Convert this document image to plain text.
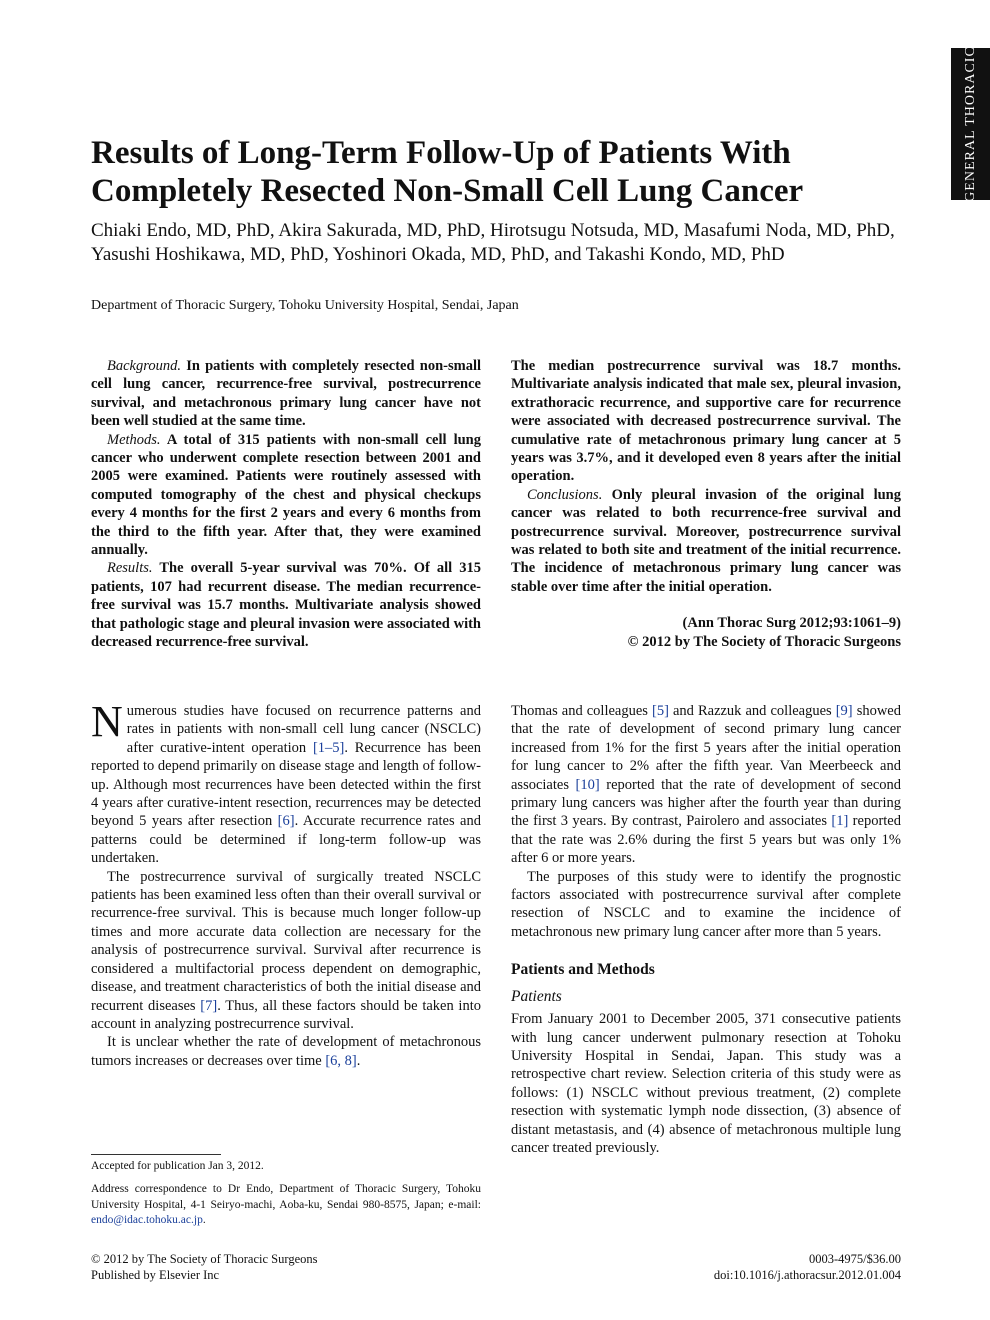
GENERAL THORACIC
Results of Long-Term Follow-Up of Patients With Completely Resected Non-Small Cell Lung Cancer
Chiaki Endo, MD, PhD, Akira Sakurada, MD, PhD, Hirotsugu Notsuda, MD, Masafumi Noda, MD, PhD, Yasushi Hoshikawa, MD, PhD, Yoshinori Okada, MD, PhD, and Takashi Kondo, MD, PhD
Department of Thoracic Surgery, Tohoku University Hospital, Sendai, Japan

Background. In patients with completely resected non-small cell lung cancer, recurrence-free survival, postrecurrence survival, and metachronous primary lung cancer have not been well studied at the same time.

Methods. A total of 315 patients with non-small cell lung cancer who underwent complete resection between 2001 and 2005 were examined. Patients were routinely assessed with computed tomography of the chest and physical checkups every 4 months for the first 2 years and every 6 months from the third to the fifth year. After that, they were examined annually.

Results. The overall 5-year survival was 70%. Of all 315 patients, 107 had recurrent disease. The median recurrence-free survival was 15.7 months. Multivariate analysis showed that pathologic stage and pleural invasion were associated with decreased recurrence-free survival.

The median postrecurrence survival was 18.7 months. Multivariate analysis indicated that male sex, pleural invasion, extrathoracic recurrence, and supportive care for recurrence were associated with decreased postrecurrence survival. The cumulative rate of metachronous primary lung cancer at 5 years was 3.7%, and it developed even 8 years after the initial operation.

Conclusions. Only pleural invasion of the original lung cancer was related to both recurrence-free survival and postrecurrence survival. Moreover, postrecurrence survival was related to both site and treatment of the initial recurrence. The incidence of metachronous primary lung cancer was stable over time after the initial operation.

(Ann Thorac Surg 2012;93:1061–9)

© 2012 by The Society of Thoracic Surgeons

Numerous studies have focused on recurrence patterns and rates in patients with non-small cell lung cancer (NSCLC) after curative-intent operation [1–5]. Recurrence has been reported to depend primarily on disease stage and length of follow-up. Although most recurrences have been detected within the first 4 years after curative-intent resection, recurrences may be detected beyond 5 years after resection [6]. Accurate recurrence rates and patterns could be determined if long-term follow-up was undertaken.

The postrecurrence survival of surgically treated NSCLC patients has been examined less often than their overall survival or recurrence-free survival. This is because much longer follow-up times and more accurate data collection are necessary for the analysis of postrecurrence survival. Survival after recurrence is considered a multifactorial process dependent on demographic, disease, and treatment characteristics of both the initial disease and recurrent diseases [7]. Thus, all these factors should be taken into account in analyzing postrecurrence survival.

It is unclear whether the rate of development of metachronous tumors increases or decreases over time [6, 8].

Thomas and colleagues [5] and Razzuk and colleagues [9] showed that the rate of development of second primary lung cancer increased from 1% for the first 5 years after the initial operation for lung cancer to 2% after the fifth year. Van Meerbeeck and associates [10] reported that the rate of development of second primary lung cancers was higher after the fourth year than during the first 3 years. By contrast, Pairolero and associates [1] reported that the rate was 2.6% during the first 5 years but was only 1% after 6 or more years.

The purposes of this study were to identify the prognostic factors associated with postrecurrence survival after complete resection of NSCLC and to examine the incidence of metachronous new primary lung cancer after more than 5 years.

Patients and Methods
Patients

From January 2001 to December 2005, 371 consecutive patients with lung cancer underwent pulmonary resection at Tohoku University Hospital in Sendai, Japan. This study was a retrospective chart review. Selection criteria of this study were as follows: (1) NSCLC without previous treatment, (2) complete resection with systematic lymph node dissection, (3) absence of distant metastasis, and (4) absence of metachronous multiple lung cancer treated previously.

Accepted for publication Jan 3, 2012.
Address correspondence to Dr Endo, Department of Thoracic Surgery, Tohoku University Hospital, 4-1 Seiryo-machi, Aoba-ku, Sendai 980-8575, Japan; e-mail: endo@idac.tohoku.ac.jp.
© 2012 by The Society of Thoracic Surgeons
Published by Elsevier Inc
0003-4975/$36.00
doi:10.1016/j.athoracsur.2012.01.004
